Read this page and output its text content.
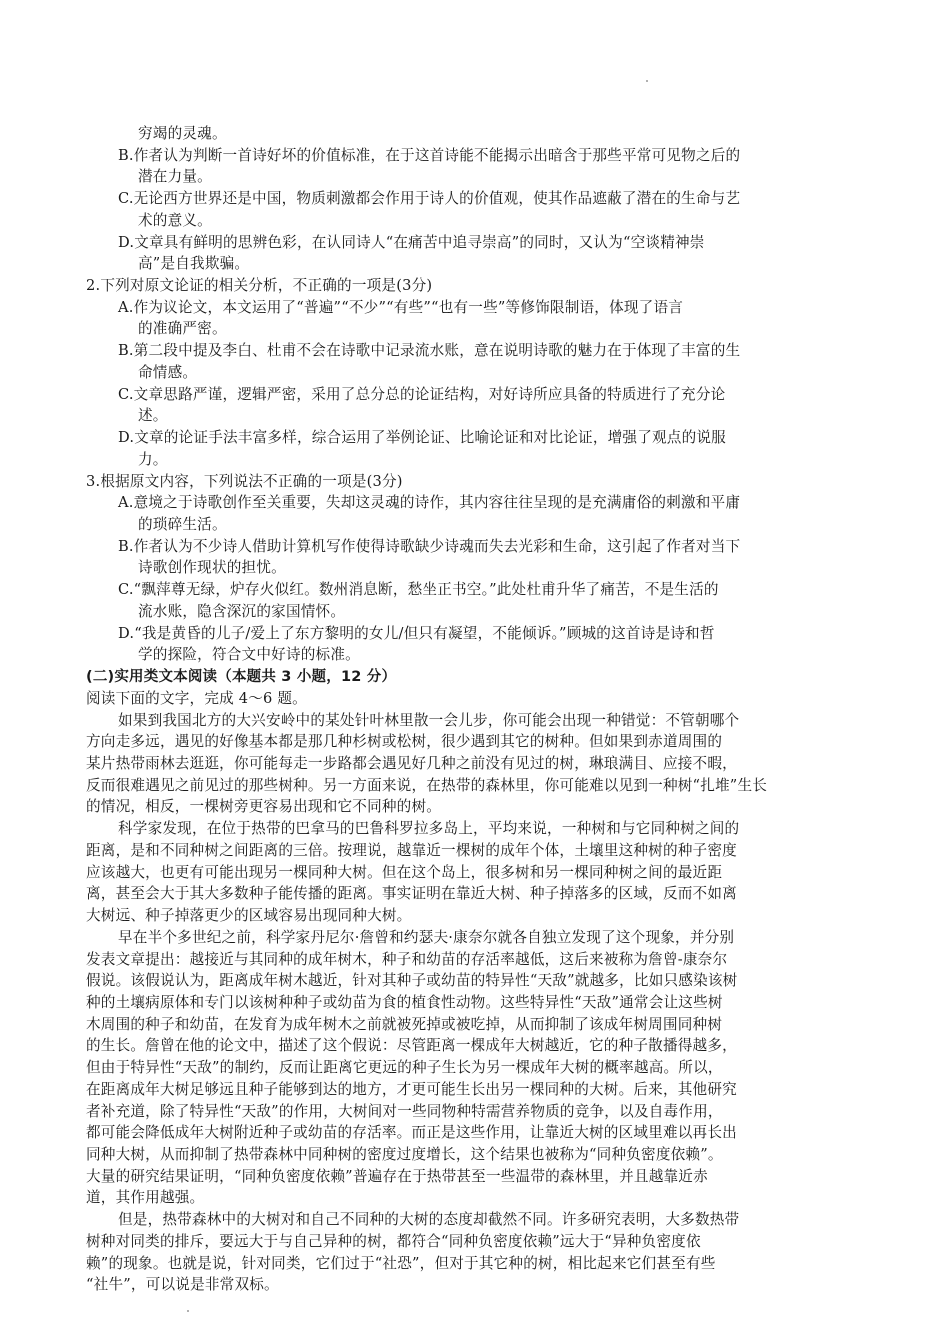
穷竭的灵魂。
B.作者认为判断一首诗好坏的价值标准，在于这首诗能不能揭示出暗含于那些平常可见物之后的
潜在力量。
C.无论西方世界还是中国，物质刺激都会作用于诗人的价值观，使其作品遮蔽了潜在的生命与艺
术的意义。
D.文章具有鲜明的思辨色彩，在认同诗人“在痛苦中追寻崇高”的同时，又认为“空谈精神崇
高”是自我欺骗。
2.下列对原文论证的相关分析，不正确的一项是(3分)
A.作为议论文，本文运用了“普遍”“不少”“有些”“也有一些”等修饰限制语，体现了语言
的准确严密。
B.第二段中提及李白、杜甫不会在诗歌中记录流水账，意在说明诗歌的魅力在于体现了丰富的生
命情感。
C.文章思路严谨，逻辑严密，采用了总分总的论证结构，对好诗所应具备的特质进行了充分论
述。
D.文章的论证手法丰富多样，综合运用了举例论证、比喻论证和对比论证，增强了观点的说服
力。
3.根据原文内容，下列说法不正确的一项是(3分)
A.意境之于诗歌创作至关重要，失却这灵魂的诗作，其内容往往呈现的是充满庸俗的刺激和平庸
的琐碎生活。
B.作者认为不少诗人借助计算机写作使得诗歌缺少诗魂而失去光彩和生命，这引起了作者对当下
诗歌创作现状的担忧。
C.“飘萍尊无绿，炉存火似红。数州消息断，愁坐正书空。”此处杜甫升华了痛苦，不是生活的
流水账，隐含深沉的家国情怀。
D.“我是黄昏的儿子/爱上了东方黎明的女儿/但只有凝望，不能倾诉。”顾城的这首诗是诗和哲
学的探险，符合文中好诗的标准。
(二)实用类文本阅读（本题共 3 小题，12 分）
阅读下面的文字，完成 4～6 题。
如果到我国北方的大兴安岭中的某处针叶林里散一会儿步，你可能会出现一种错觉：不管朝哪个
方向走多远，遇见的好像基本都是那几种杉树或松树，很少遇到其它的树种。但如果到赤道周围的
某片热带雨林去逛逛，你可能每走一步路都会遇见好几种之前没有见过的树，琳琅满目、应接不暇，
反而很难遇见之前见过的那些树种。另一方面来说，在热带的森林里，你可能难以见到一种树“扎堆”生长
的情况，相反，一棵树旁更容易出现和它不同种的树。
科学家发现，在位于热带的巴拿马的巴鲁科罗拉多岛上，平均来说，一种树和与它同种树之间的
距离，是和不同种树之间距离的三倍。按理说，越靠近一棵树的成年个体，土壤里这种树的种子密度
应该越大，也更有可能出现另一棵同种大树。但在这个岛上，很多树和另一棵同种树之间的最近距
离，甚至会大于其大多数种子能传播的距离。事实证明在靠近大树、种子掉落多的区域，反而不如离
大树远、种子掉落更少的区域容易出现同种大树。
早在半个多世纪之前，科学家丹尼尔·詹曾和约瑟夫·康奈尔就各自独立发现了这个现象，并分别
发表文章提出：越接近与其同种的成年树木，种子和幼苗的存活率越低，这后来被称为詹曾-康奈尔
假说。该假说认为，距离成年树木越近，针对其种子或幼苗的特异性“天敌”就越多，比如只感染该树
种的土壤病原体和专门以该树种种子或幼苗为食的植食性动物。这些特异性“天敌”通常会让这些树
木周围的种子和幼苗，在发育为成年树木之前就被死掉或被吃掉，从而抑制了该成年树周围同种树
的生长。詹曾在他的论文中，描述了这个假说：尽管距离一棵成年大树越近，它的种子散播得越多，
但由于特异性“天敌”的制约，反而让距离它更远的种子生长为另一棵成年大树的概率越高。所以，
在距离成年大树足够远且种子能够到达的地方，才更可能生长出另一棵同种的大树。后来，其他研究
者补充道，除了特异性“天敌”的作用，大树间对一些同物种特需营养物质的竞争，以及自毒作用，
都可能会降低成年大树附近种子或幼苗的存活率。而正是这些作用，让靠近大树的区域里难以再长出
同种大树，从而抑制了热带森林中同种树的密度过度增长，这个结果也被称为“同种负密度依赖”。
大量的研究结果证明，“同种负密度依赖”普遍存在于热带甚至一些温带的森林里，并且越靠近赤
道，其作用越强。
但是，热带森林中的大树对和自己不同种的大树的态度却截然不同。许多研究表明，大多数热带
树种对同类的排斥，要远大于与自己异种的树，都符合“同种负密度依赖”远大于“异种负密度依
赖”的现象。也就是说，针对同类，它们过于“社恐”，但对于其它种的树，相比起来它们甚至有些
“社牛”，可以说是非常双标。
